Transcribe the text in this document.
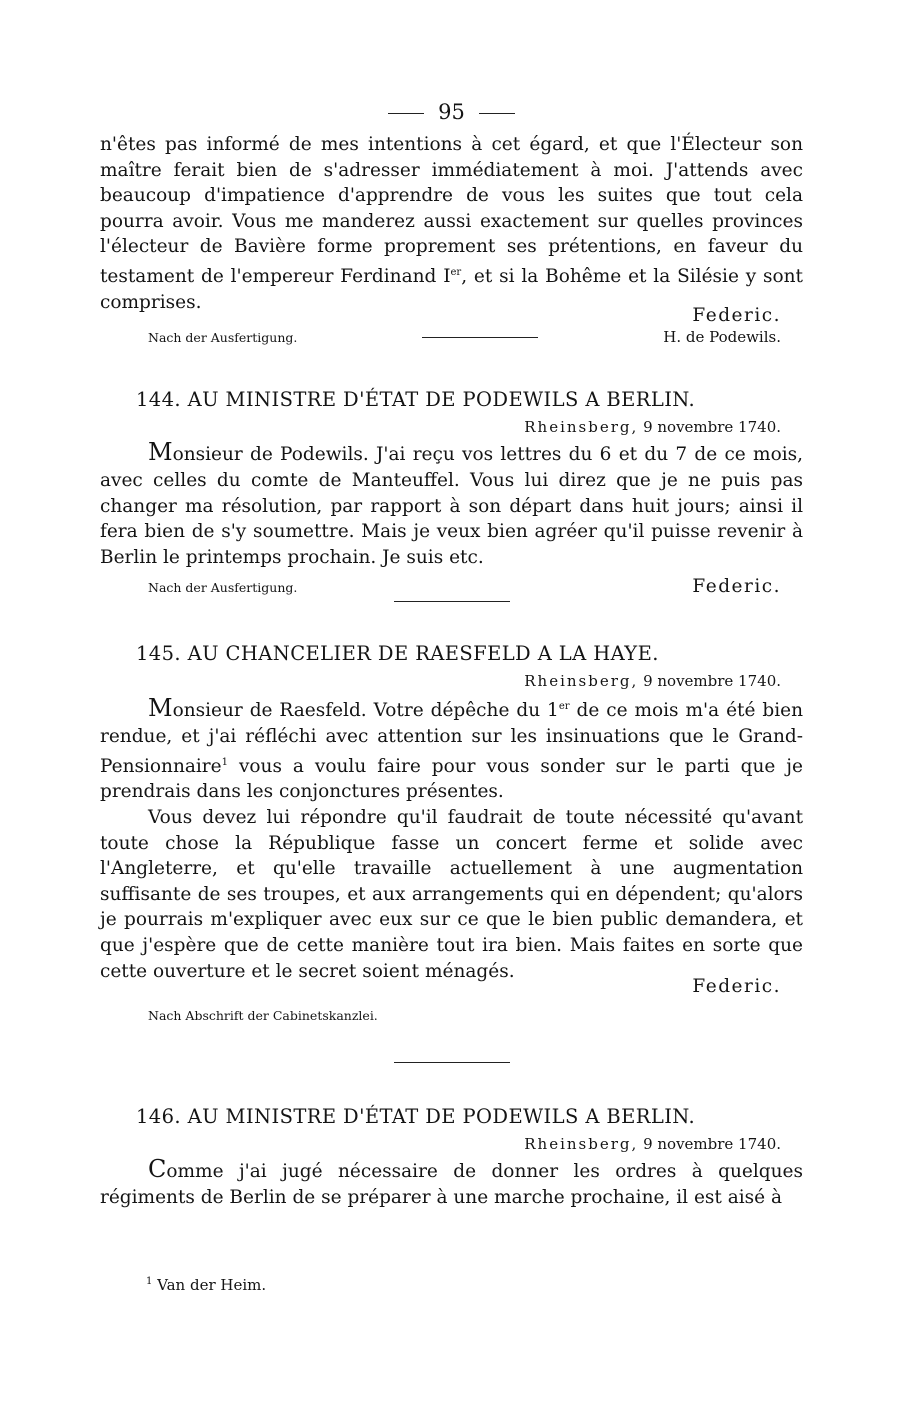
95

n'êtes pas informé de mes intentions à cet égard, et que l'Électeur son maître ferait bien de s'adresser immédiatement à moi. J'attends avec beaucoup d'impatience d'apprendre de vous les suites que tout cela pourra avoir. Vous me manderez aussi exactement sur quelles provinces l'électeur de Bavière forme proprement ses prétentions, en faveur du testament de l'empereur Ferdinand Ier, et si la Bohême et la Silésie y sont comprises.

Federic.
Nach der Ausfertigung.	H. de Podewils.
144. AU MINISTRE D'ÉTAT DE PODEWILS A BERLIN.

Rheinsberg, 9 novembre 1740.

Monsieur de Podewils. J'ai reçu vos lettres du 6 et du 7 de ce mois, avec celles du comte de Manteuffel. Vous lui direz que je ne puis pas changer ma résolution, par rapport à son départ dans huit jours; ainsi il fera bien de s'y soumettre. Mais je veux bien agréer qu'il puisse revenir à Berlin le printemps prochain. Je suis etc.

Nach der Ausfertigung.	Federic.
145. AU CHANCELIER DE RAESFELD A LA HAYE.

Rheinsberg, 9 novembre 1740.

Monsieur de Raesfeld. Votre dépêche du 1er de ce mois m'a été bien rendue, et j'ai réfléchi avec attention sur les insinuations que le Grand-Pensionnaire$^1$ vous a voulu faire pour vous sonder sur le parti que je prendrais dans les conjonctures présentes.

Vous devez lui répondre qu'il faudrait de toute nécessité qu'avant toute chose la République fasse un concert ferme et solide avec l'Angleterre, et qu'elle travaille actuellement à une augmentation suffisante de ses troupes, et aux arrangements qui en dépendent; qu'alors je pourrais m'expliquer avec eux sur ce que le bien public demandera, et que j'espère que de cette manière tout ira bien. Mais faites en sorte que cette ouverture et le secret soient ménagés.

Federic.
Nach Abschrift der Cabinetskanzlei.
146. AU MINISTRE D'ÉTAT DE PODEWILS A BERLIN.

Rheinsberg, 9 novembre 1740.

Comme j'ai jugé nécessaire de donner les ordres à quelques régiments de Berlin de se préparer à une marche prochaine, il est aisé à

$^1$ Van der Heim.
